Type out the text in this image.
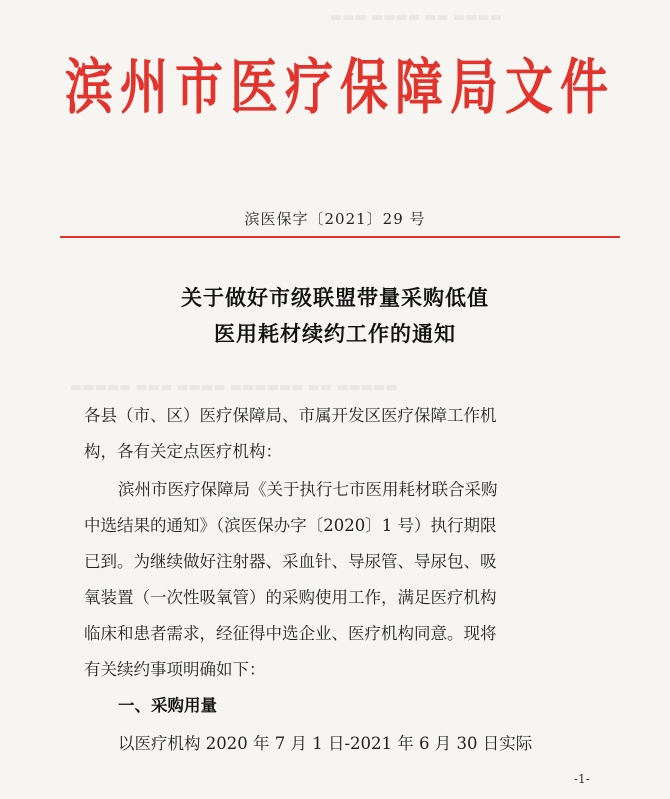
▬▬▬ ▬▬▬▬ ▬▬ ▬▬▬▬
▬▬▬▬▬ ▬▬▬ ▬▬▬▬ ▬▬▬▬▬▬ ▬▬ ▬▬▬▬▬
滨州市医疗保障局文件
滨医保字〔2021〕29 号
关于做好市级联盟带量采购低值
医用耗材续约工作的通知
各县（市、区）医疗保障局、市属开发区医疗保障工作机
构，各有关定点医疗机构：
滨州市医疗保障局《关于执行七市医用耗材联合采购
中选结果的通知》（滨医保办字〔2020〕1 号）执行期限
已到。为继续做好注射器、采血针、导尿管、导尿包、吸
氧装置（一次性吸氧管）的采购使用工作，满足医疗机构
临床和患者需求，经征得中选企业、医疗机构同意。现将
有关续约事项明确如下：
一、采购用量
以医疗机构 2020 年 7 月 1 日-2021 年 6 月 30 日实际
-1-
